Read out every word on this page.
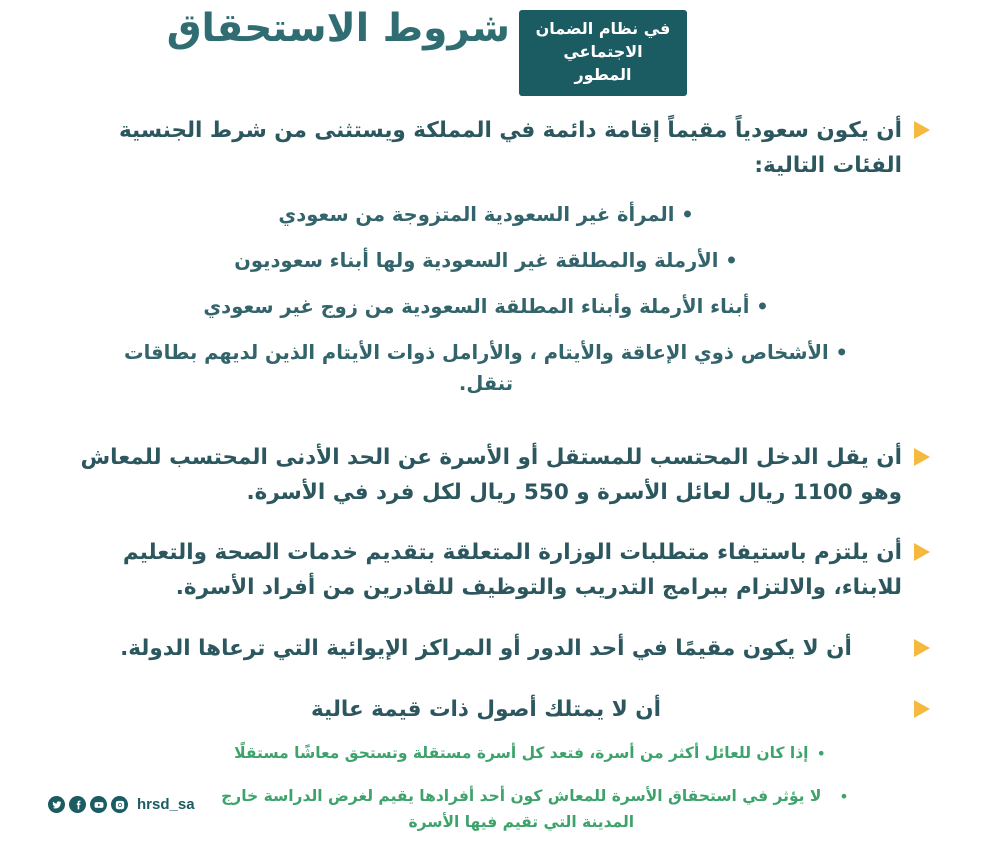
شروط الاستحقاق في نظام الضمان
الاجتماعي المطور
أن يكون سعودياً مقيماً إقامة دائمة في المملكة ويستثنى من شرط الجنسية الفئات التالية:
• المرأة غير السعودية المتزوجة من سعودي
• الأرملة والمطلقة غير السعودية ولها أبناء سعوديون
• أبناء الأرملة وأبناء المطلقة السعودية من زوج غير سعودي
• الأشخاص ذوي الإعاقة والأيتام ، والأرامل ذوات الأيتام الذين لديهم بطاقات تنقل.
أن يقل الدخل المحتسب للمستقل أو الأسرة عن الحد الأدنى المحتسب للمعاش وهو 1100 ريال لعائل الأسرة و 550 ريال لكل فرد في الأسرة.
أن يلتزم باستيفاء متطلبات الوزارة المتعلقة بتقديم خدمات الصحة والتعليم للابناء، والالتزام ببرامج التدريب والتوظيف للقادرين من أفراد الأسرة.
أن لا يكون مقيمًا في أحد الدور أو المراكز الإيوائية التي ترعاها الدولة.
أن لا يمتلك أصول ذات قيمة عالية
•
إذا كان للعائل أكثر من أسرة، فتعد كل أسرة مستقلة وتستحق معاشًا مستقلًا
•
لا يؤثر في استحقاق الأسرة للمعاش كون أحد أفرادها يقيم لغرض الدراسة خارج المدينة التي تقيم فيها الأسرة
hrsd_sa
